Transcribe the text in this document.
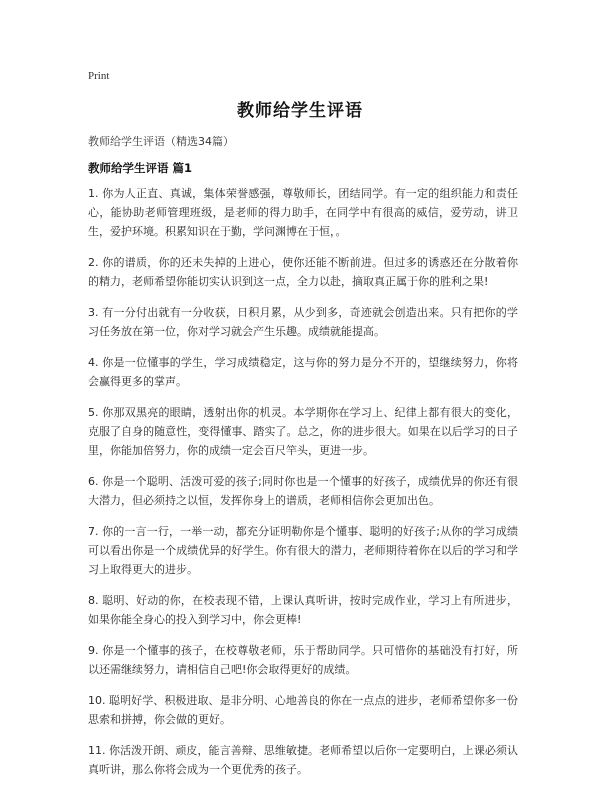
Print
教师给学生评语
教师给学生评语（精选34篇）
教师给学生评语 篇1

1. 你为人正直、真诚，集体荣誉感强，尊敬师长，团结同学。有一定的组织能力和责任心，能协助老师管理班级，是老师的得力助手，在同学中有很高的威信，爱劳动，讲卫生，爱护环境。积累知识在于勤，学问渊博在于恒，。

2. 你的谱质，你的还未失掉的上进心，使你还能不断前进。但过多的诱惑还在分散着你的精力，老师希望你能切实认识到这一点，全力以赴，摘取真正属于你的胜利之果!

3. 有一分付出就有一分收获，日积月累，从少到多，奇迹就会创造出来。只有把你的学习任务放在第一位，你对学习就会产生乐趣。成绩就能提高。

4. 你是一位懂事的学生，学习成绩稳定，这与你的努力是分不开的，望继续努力，你将会赢得更多的掌声。

5. 你那双黑亮的眼睛，透射出你的机灵。本学期你在学习上、纪律上都有很大的变化，克服了自身的随意性，变得懂事、踏实了。总之，你的进步很大。如果在以后学习的日子里，你能加倍努力，你的成绩一定会百尺竿头，更进一步。

6. 你是一个聪明、活泼可爱的孩子;同时你也是一个懂事的好孩子，成绩优异的你还有很大潜力，但必须持之以恒，发挥你身上的谱质，老师相信你会更加出色。

7. 你的一言一行，一举一动，都充分证明勒你是个懂事、聪明的好孩子;从你的学习成绩可以看出你是一个成绩优异的好学生。你有很大的潜力，老师期待着你在以后的学习和学习上取得更大的进步。

8. 聪明、好动的你，在校表现不错，上课认真听讲，按时完成作业，学习上有所进步，如果你能全身心的投入到学习中，你会更棒!

9. 你是一个懂事的孩子，在校尊敬老师，乐于帮助同学。只可惜你的基础没有打好，所以还需继续努力，请相信自己吧!你会取得更好的成绩。

10. 聪明好学、积极进取、是非分明、心地善良的你在一点点的进步，老师希望你多一份思索和拼搏，你会做的更好。

11. 你活泼开朗、顽皮，能言善辩、思维敏捷。老师希望以后你一定要明白，上课必须认真听讲，那么你将会成为一个更优秀的孩子。
